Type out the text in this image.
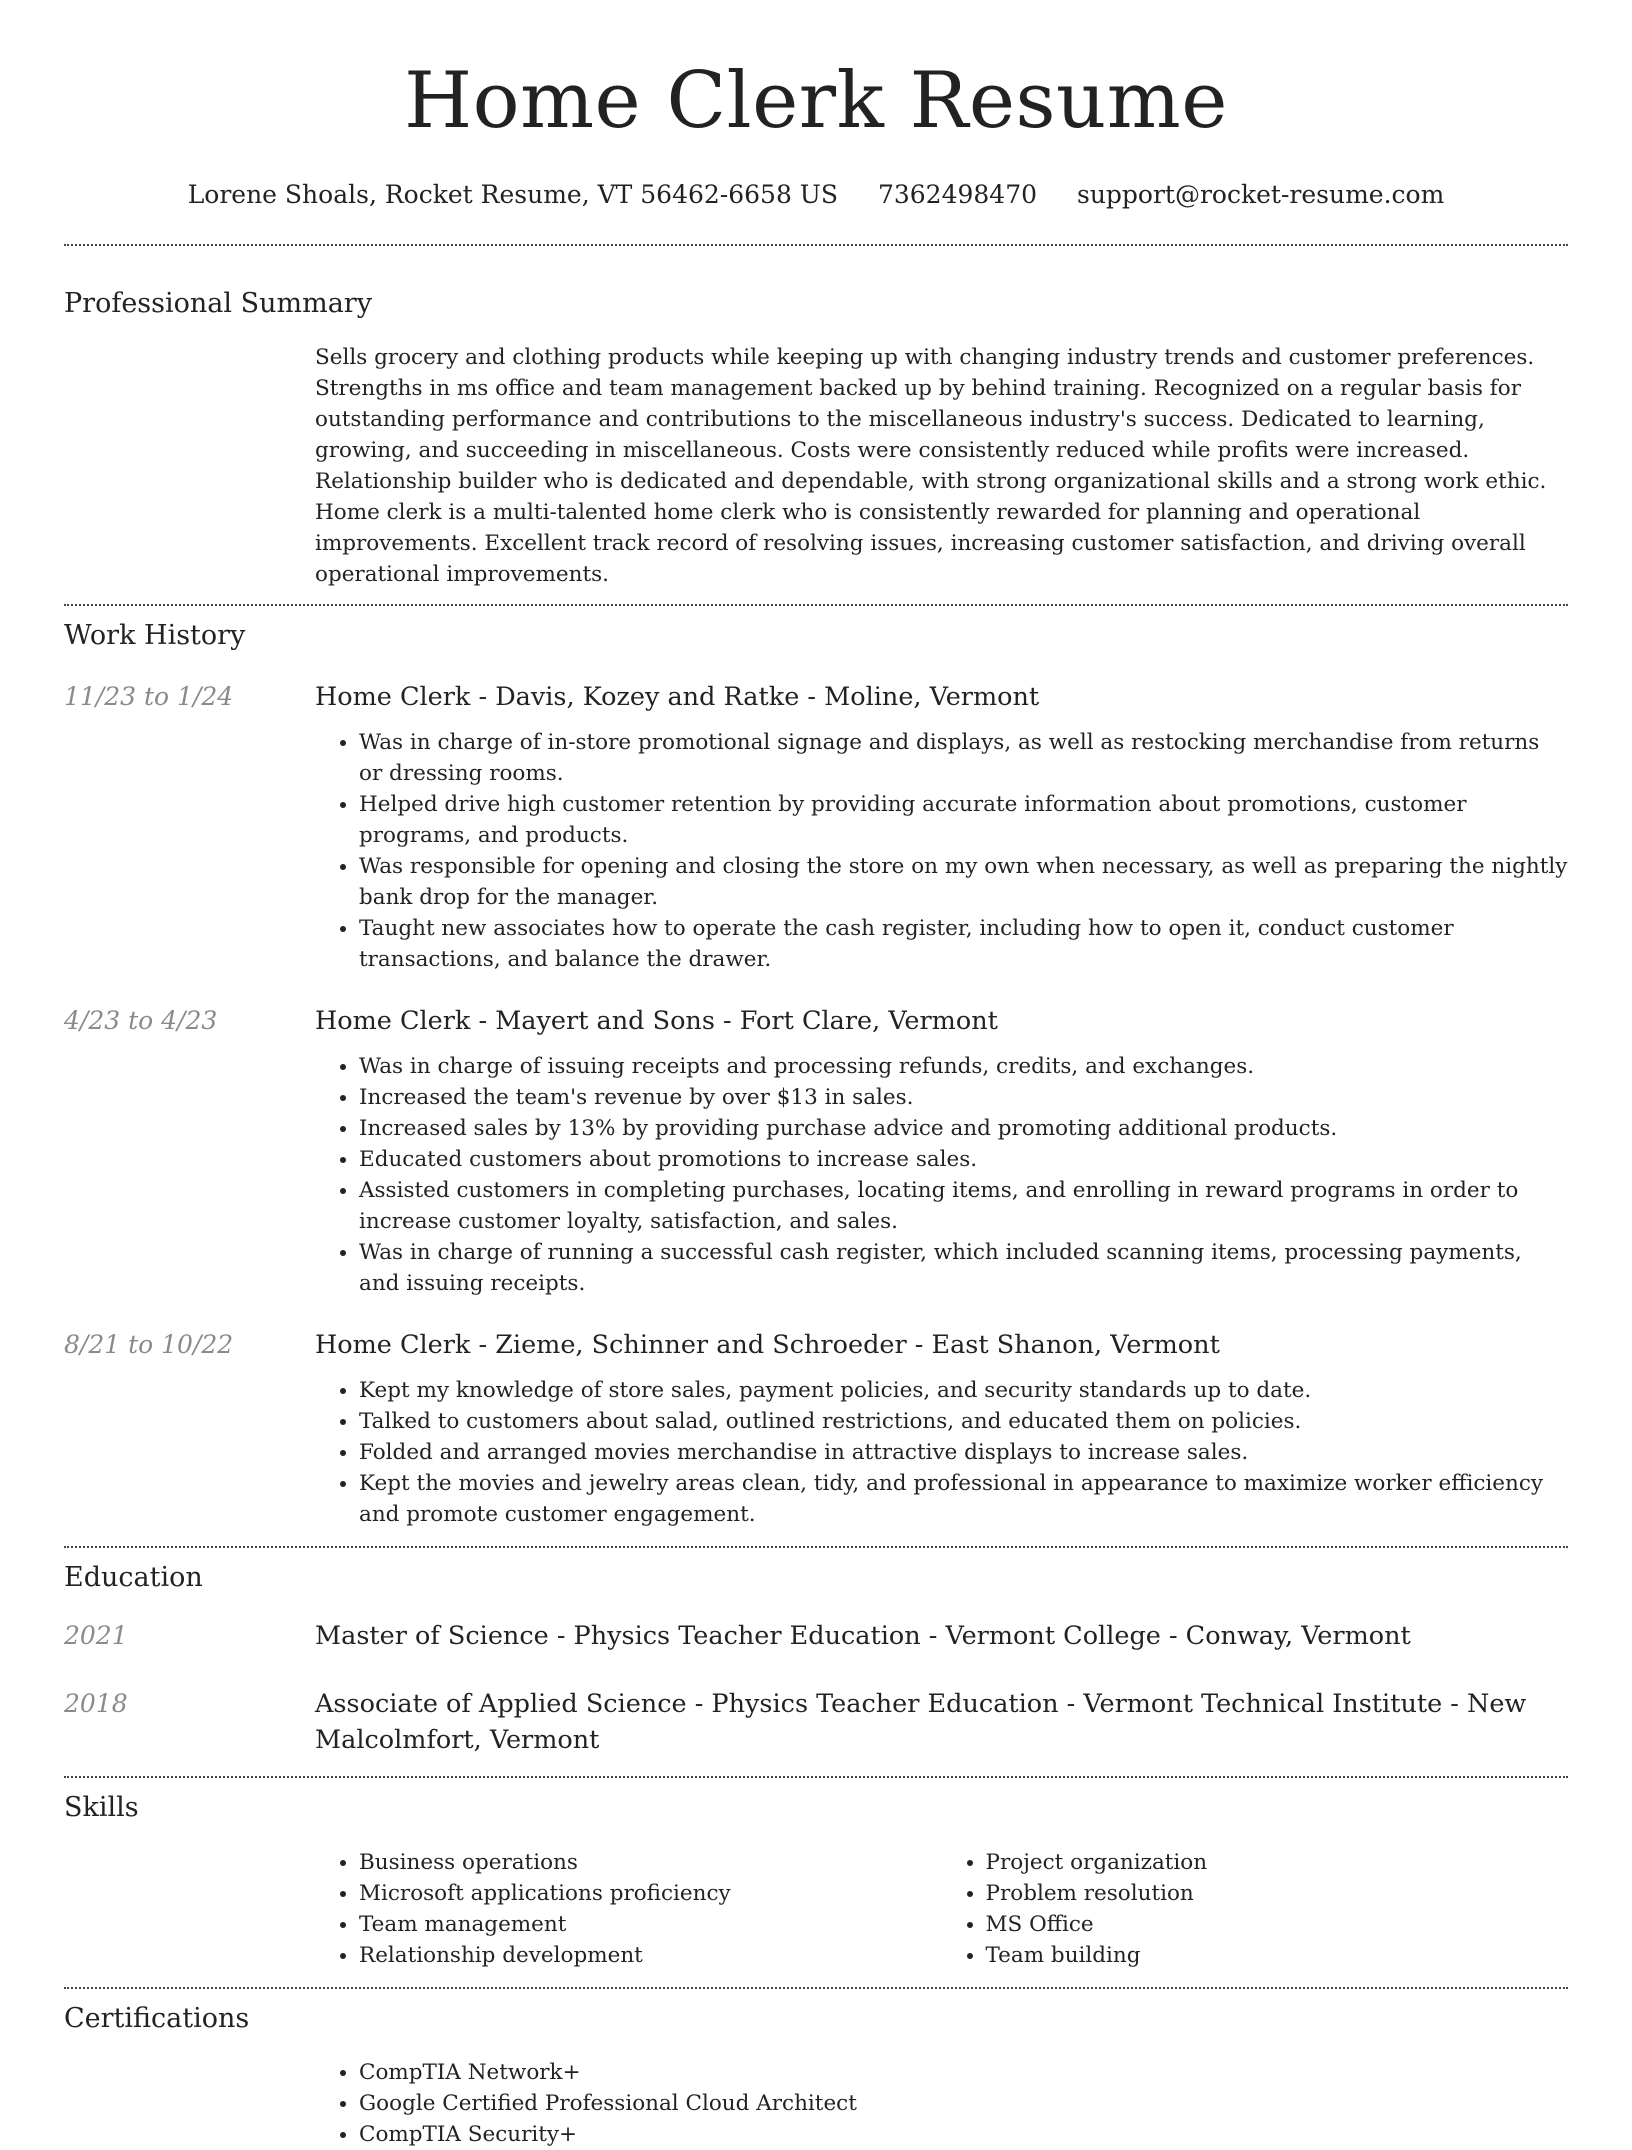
Home Clerk Resume
Lorene Shoals, Rocket Resume, VT 56462-6658 US 7362498470 support@rocket-resume.com
Professional Summary
Sells grocery and clothing products while keeping up with changing industry trends and customer preferences. Strengths in ms office and team management backed up by behind training. Recognized on a regular basis for outstanding performance and contributions to the miscellaneous industry's success. Dedicated to learning, growing, and succeeding in miscellaneous. Costs were consistently reduced while profits were increased. Relationship builder who is dedicated and dependable, with strong organizational skills and a strong work ethic. Home clerk is a multi-talented home clerk who is consistently rewarded for planning and operational improvements. Excellent track record of resolving issues, increasing customer satisfaction, and driving overall operational improvements.
Work History
11/23 to 1/24	Home Clerk - Davis, Kozey and Ratke - Moline, Vermont
• Was in charge of in-store promotional signage and displays, as well as restocking merchandise from returns or dressing rooms.
• Helped drive high customer retention by providing accurate information about promotions, customer programs, and products.
• Was responsible for opening and closing the store on my own when necessary, as well as preparing the nightly bank drop for the manager.
• Taught new associates how to operate the cash register, including how to open it, conduct customer transactions, and balance the drawer.
4/23 to 4/23	Home Clerk - Mayert and Sons - Fort Clare, Vermont
• Was in charge of issuing receipts and processing refunds, credits, and exchanges.
• Increased the team's revenue by over $13 in sales.
• Increased sales by 13% by providing purchase advice and promoting additional products.
• Educated customers about promotions to increase sales.
• Assisted customers in completing purchases, locating items, and enrolling in reward programs in order to increase customer loyalty, satisfaction, and sales.
• Was in charge of running a successful cash register, which included scanning items, processing payments, and issuing receipts.
8/21 to 10/22	Home Clerk - Zieme, Schinner and Schroeder - East Shanon, Vermont
• Kept my knowledge of store sales, payment policies, and security standards up to date.
• Talked to customers about salad, outlined restrictions, and educated them on policies.
• Folded and arranged movies merchandise in attractive displays to increase sales.
• Kept the movies and jewelry areas clean, tidy, and professional in appearance to maximize worker efficiency and promote customer engagement.
Education
2021	Master of Science - Physics Teacher Education - Vermont College - Conway, Vermont
2018	Associate of Applied Science - Physics Teacher Education - Vermont Technical Institute - New Malcolmfort, Vermont
Skills
• Business operations
• Microsoft applications proficiency
• Team management
• Relationship development
• Project organization
• Problem resolution
• MS Office
• Team building
Certifications
• CompTIA Network+
• Google Certified Professional Cloud Architect
• CompTIA Security+
